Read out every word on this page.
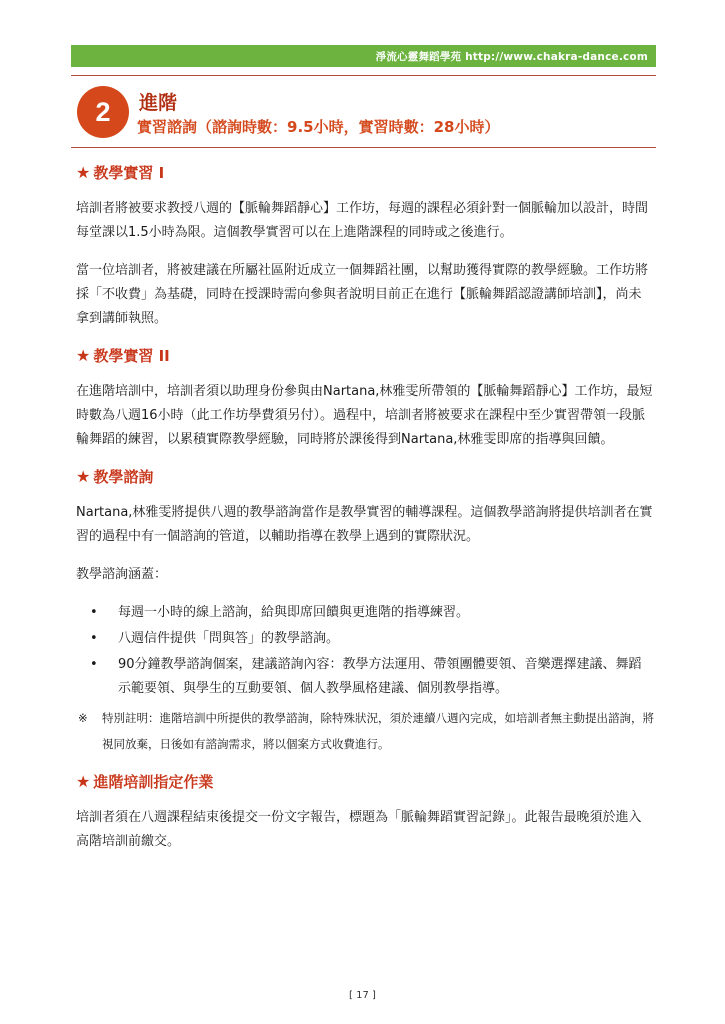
淨流心靈舞蹈學苑 http://www.chakra-dance.com
2	進階
實習諮詢（諮詢時數：9.5小時，實習時數：28小時）
★ 教學實習 I

培訓者將被要求教授八週的【脈輪舞蹈靜心】工作坊，每週的課程必須針對一個脈輪加以設計，時間每堂課以1.5小時為限。這個教學實習可以在上進階課程的同時或之後進行。

當一位培訓者，將被建議在所屬社區附近成立一個舞蹈社團，以幫助獲得實際的教學經驗。工作坊將採「不收費」為基礎，同時在授課時需向參與者說明目前正在進行【脈輪舞蹈認證講師培訓】，尚未拿到講師執照。

★ 教學實習 II

在進階培訓中，培訓者須以助理身份參與由Nartana,林雅雯所帶領的【脈輪舞蹈靜心】工作坊，最短時數為八週16小時（此工作坊學費須另付）。過程中，培訓者將被要求在課程中至少實習帶領一段脈輪舞蹈的練習，以累積實際教學經驗，同時將於課後得到Nartana,林雅雯即席的指導與回饋。

★ 教學諮詢

Nartana,林雅雯將提供八週的教學諮詢當作是教學實習的輔導課程。這個教學諮詢將提供培訓者在實習的過程中有一個諮詢的管道，以輔助指導在教學上遇到的實際狀況。

教學諮詢涵蓋：

• 每週一小時的線上諮詢，給與即席回饋與更進階的指導練習。
• 八週信件提供「問與答」的教學諮詢。
• 90分鐘教學諮詢個案，建議諮詢內容：教學方法運用、帶領團體要領、音樂選擇建議、舞蹈示範要領、與學生的互動要領、個人教學風格建議、個別教學指導。
※ 特別註明：進階培訓中所提供的教學諮詢，除特殊狀況，須於連續八週內完成，如培訓者無主動提出諮詢，將視同放棄，日後如有諮詢需求，將以個案方式收費進行。
★ 進階培訓指定作業

培訓者須在八週課程結束後提交一份文字報告，標題為「脈輪舞蹈實習記錄」。此報告最晚須於進入高階培訓前繳交。

[ 17 ]
